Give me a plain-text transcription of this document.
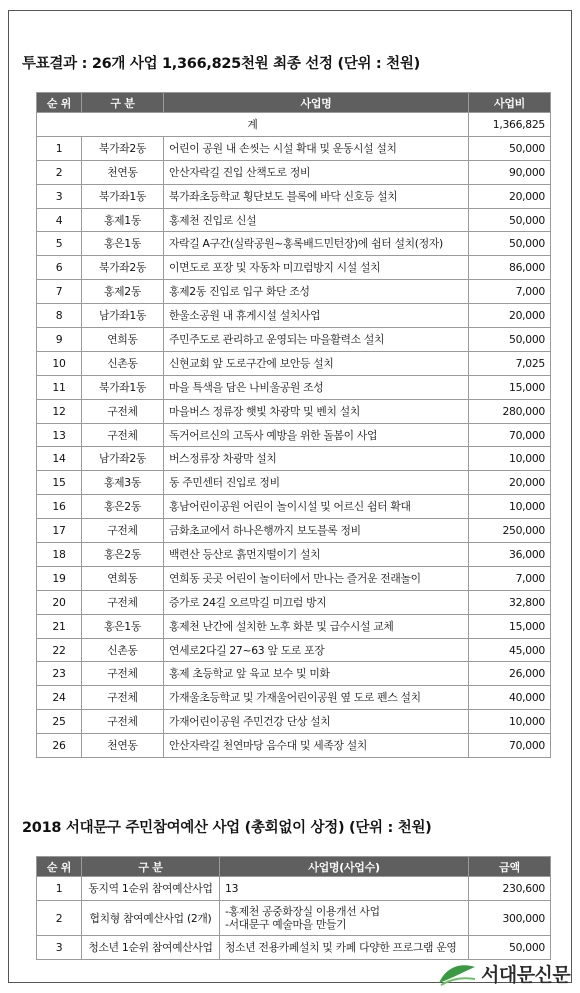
투표결과 : 26개 사업 1,366,825천원 최종 선정 (단위 : 천원)
순 위	구 분	사업명	사업비
계			1,366,825
1	북가좌2동	어린이 공원 내 손씻는 시설 확대 및 운동시설 설치	50,000
2	천연동	안산자락길 진입 산책도로 정비	90,000
3	북가좌1동	북가좌초등학교 횡단보도 블록에 바닥 신호등 설치	20,000
4	홍제1동	홍제천 진입로 신설	50,000
5	홍은1동	자락길 A구간(실락공원~홍록배드민턴장)에 쉼터 설치(정자)	50,000
6	북가좌2동	이면도로 포장 및 자동차 미끄럼방지 시설 설치	86,000
7	홍제2동	홍제2동 진입로 입구 화단 조성	7,000
8	남가좌1동	한울소공원 내 휴게시설 설치사업	20,000
9	연희동	주민주도로 관리하고 운영되는 마을활력소 설치	50,000
10	신촌동	신현교회 앞 도로구간에 보안등 설치	7,025
11	북가좌1동	마을 특색을 담은 나비울공원 조성	15,000
12	구전체	마을버스 정류장 햇빛 차광막 및 벤치 설치	280,000
13	구전체	독거어르신의 고독사 예방을 위한 돌봄이 사업	70,000
14	남가좌2동	버스정류장 차광막 설치	10,000
15	홍제3동	동 주민센터 진입로 정비	20,000
16	홍은2동	홍남어린이공원 어린이 놀이시설 및 어르신 쉼터 확대	10,000
17	구전체	금화초교에서 하나은행까지 보도블록 정비	250,000
18	홍은2동	백련산 등산로 흙먼지떨이기 설치	36,000
19	연희동	연희동 곳곳 어린이 놀이터에서 만나는 즐거운 전래놀이	7,000
20	구전체	증가로 24길 오르막길 미끄럼 방지	32,800
21	홍은1동	홍제천 난간에 설치한 노후 화분 및 급수시설 교체	15,000
22	신촌동	연세로2다길 27~63 앞 도로 포장	45,000
23	구전체	홍제 초등학교 앞 육교 보수 및 미화	26,000
24	구전체	가재울초등학교 및 가재울어린이공원 옆 도로 펜스 설치	40,000
25	구전체	가재어린이공원 주민건강 단상 설치	10,000
26	천연동	안산자락길 천연마당 음수대 및 세족장 설치	70,000
2018 서대문구 주민참여예산 사업 (총회없이 상정) (단위 : 천원)
순 위	구 분	사업명(사업수)	금액
1	동지역 1순위 참여예산사업	13	230,600
2	협치형 참여예산사업 (2개)	-홍제천 공중화장실 이용개선 사업
-서대문구 예술마을 만들기	300,000
3	청소년 1순위 참여예산사업	청소년 전용카페설치 및 카페 다양한 프로그램 운영	50,000
서대문신문
